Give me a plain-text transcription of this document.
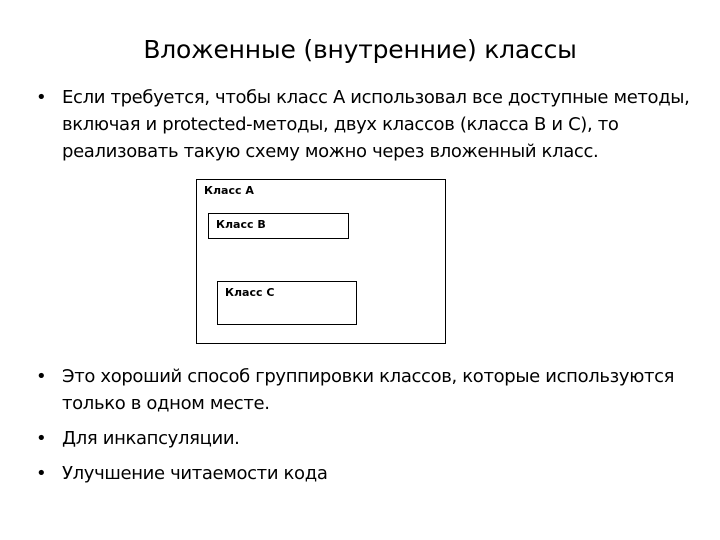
Вложенные (внутренние) классы
• Если требуется, чтобы класс А использовал все доступные методы, включая и protected-методы, двух классов (класса B и C), то реализовать такую схему можно через вложенный класс.
Класс А
Класс B
Класс C
• Это хороший способ группировки классов, которые используются только в одном месте.
• Для инкапсуляции.
• Улучшение читаемости кода
